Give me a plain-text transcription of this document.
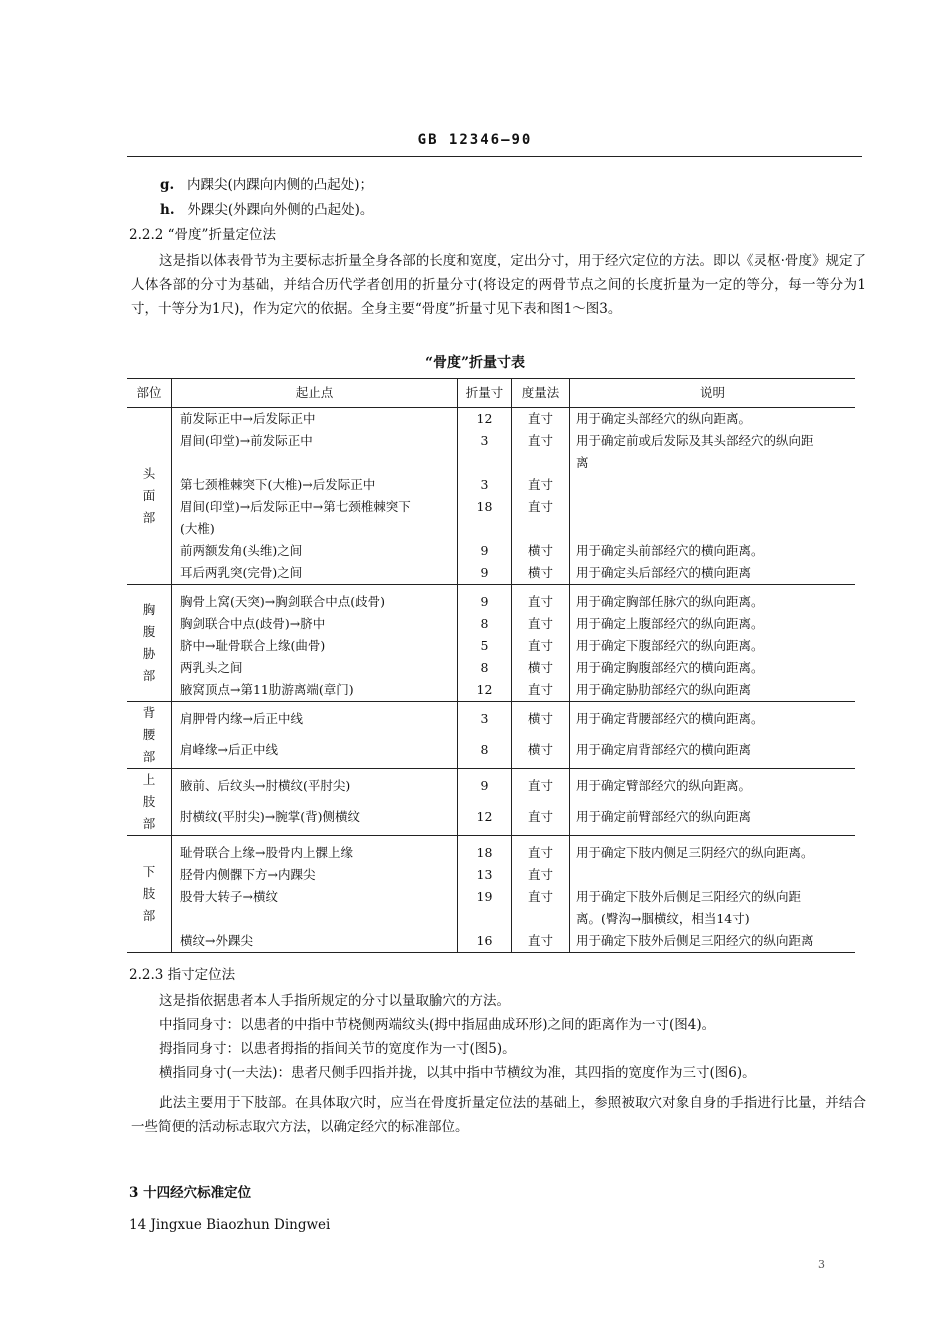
GB 12346—90
g. 内踝尖(内踝向内侧的凸起处)；
h. 外踝尖(外踝向外侧的凸起处)。
2.2.2 “骨度”折量定位法
这是指以体表骨节为主要标志折量全身各部的长度和宽度，定出分寸，用于经穴定位的方法。即以《灵枢·骨度》规定了人体各部的分寸为基础，并结合历代学者创用的折量分寸(将设定的两骨节点之间的长度折量为一定的等分，每一等分为1寸，十等分为1尺)，作为定穴的依据。全身主要“骨度”折量寸见下表和图1～图3。
“骨度”折量寸表
部位	起止点	折量寸	度量法	说明

头
面
部	前发际正中→后发际正中	12	直寸	用于确定头部经穴的纵向距离。

	眉间(印堂)→前发际正中	3	直寸	用于确定前或后发际及其头部经穴的纵向距
离

	第七颈椎棘突下(大椎)→后发际正中	3	直寸	

	眉间(印堂)→后发际正中→第七颈椎棘突下
(大椎)	18	直寸	

	前两额发角(头维)之间	9	横寸	用于确定头前部经穴的横向距离。

	耳后两乳突(完骨)之间	9	横寸	用于确定头后部经穴的横向距离

胸
腹
胁
部	胸骨上窝(天突)→胸剑联合中点(歧骨)	9	直寸	用于确定胸部任脉穴的纵向距离。

	胸剑联合中点(歧骨)→脐中	8	直寸	用于确定上腹部经穴的纵向距离。

	脐中→耻骨联合上缘(曲骨)	5	直寸	用于确定下腹部经穴的纵向距离。

	两乳头之间	8	横寸	用于确定胸腹部经穴的横向距离。

	腋窝顶点→第11肋游离端(章门)	12	直寸	用于确定胁肋部经穴的纵向距离

背
腰
部	肩胛骨内缘→后正中线	3	横寸	用于确定背腰部经穴的横向距离。

	肩峰缘→后正中线	8	横寸	用于确定肩背部经穴的横向距离

上
肢
部	腋前、后纹头→肘横纹(平肘尖)	9	直寸	用于确定臂部经穴的纵向距离。

	肘横纹(平肘尖)→腕掌(背)侧横纹	12	直寸	用于确定前臂部经穴的纵向距离

下
肢
部	耻骨联合上缘→股骨内上髁上缘	18	直寸	用于确定下肢内侧足三阴经穴的纵向距离。

	胫骨内侧髁下方→内踝尖	13	直寸	

	股骨大转子→横纹	19	直寸	用于确定下肢外后侧足三阳经穴的纵向距
离。(臀沟→腘横纹，相当14寸)

	横纹→外踝尖	16	直寸	用于确定下肢外后侧足三阳经穴的纵向距离
2.2.3 指寸定位法
这是指依据患者本人手指所规定的分寸以量取腧穴的方法。
中指同身寸：以患者的中指中节桡侧两端纹头(拇中指屈曲成环形)之间的距离作为一寸(图4)。
拇指同身寸：以患者拇指的指间关节的宽度作为一寸(图5)。
横指同身寸(一夫法)：患者尺侧手四指并拢，以其中指中节横纹为准，其四指的宽度作为三寸(图6)。
此法主要用于下肢部。在具体取穴时，应当在骨度折量定位法的基础上，参照被取穴对象自身的手指进行比量，并结合一些简便的活动标志取穴方法，以确定经穴的标准部位。
3 十四经穴标准定位
14 Jingxue Biaozhun Dingwei
3
